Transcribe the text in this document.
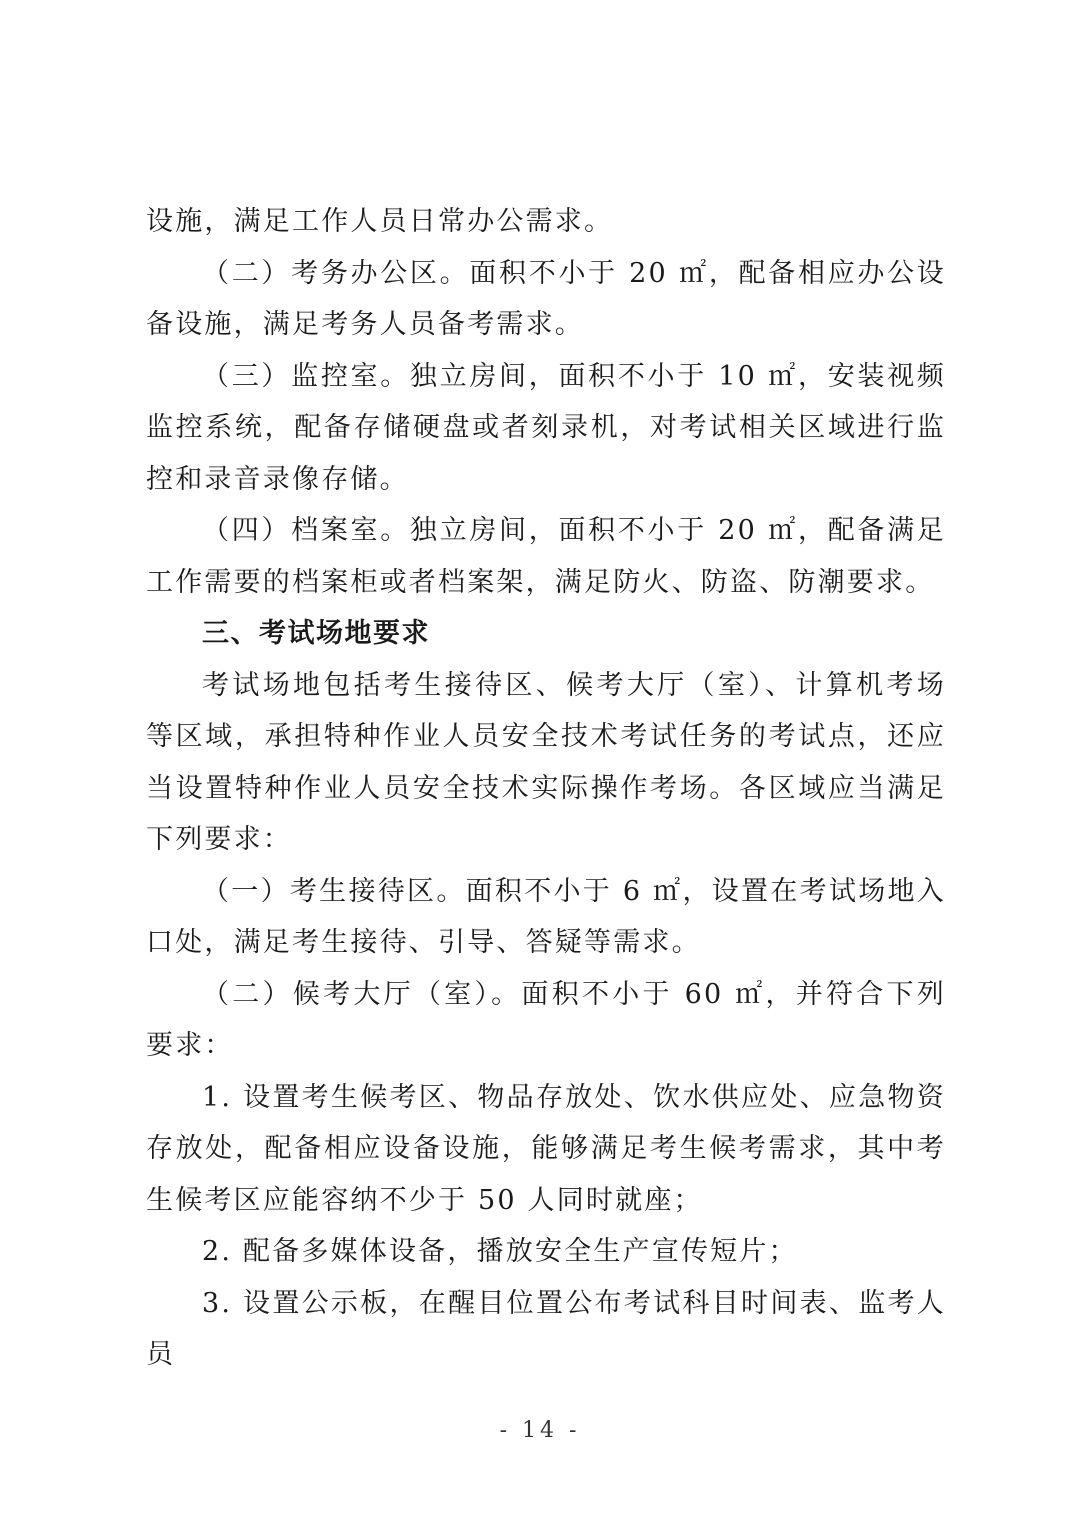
设施，满足工作人员日常办公需求。

（二）考务办公区。面积不小于 20 ㎡，配备相应办公设备设施，满足考务人员备考需求。

（三）监控室。独立房间，面积不小于 10 ㎡，安装视频监控系统，配备存储硬盘或者刻录机，对考试相关区域进行监控和录音录像存储。

（四）档案室。独立房间，面积不小于 20 ㎡，配备满足工作需要的档案柜或者档案架，满足防火、防盗、防潮要求。

三、考试场地要求

考试场地包括考生接待区、候考大厅（室）、计算机考场等区域，承担特种作业人员安全技术考试任务的考试点，还应当设置特种作业人员安全技术实际操作考场。各区域应当满足下列要求：

（一）考生接待区。面积不小于 6 ㎡，设置在考试场地入口处，满足考生接待、引导、答疑等需求。

（二）候考大厅（室）。面积不小于 60 ㎡，并符合下列要求：

1. 设置考生候考区、物品存放处、饮水供应处、应急物资存放处，配备相应设备设施，能够满足考生候考需求，其中考生候考区应能容纳不少于 50 人同时就座；

2. 配备多媒体设备，播放安全生产宣传短片；

3. 设置公示板，在醒目位置公布考试科目时间表、监考人员

- 14 -
